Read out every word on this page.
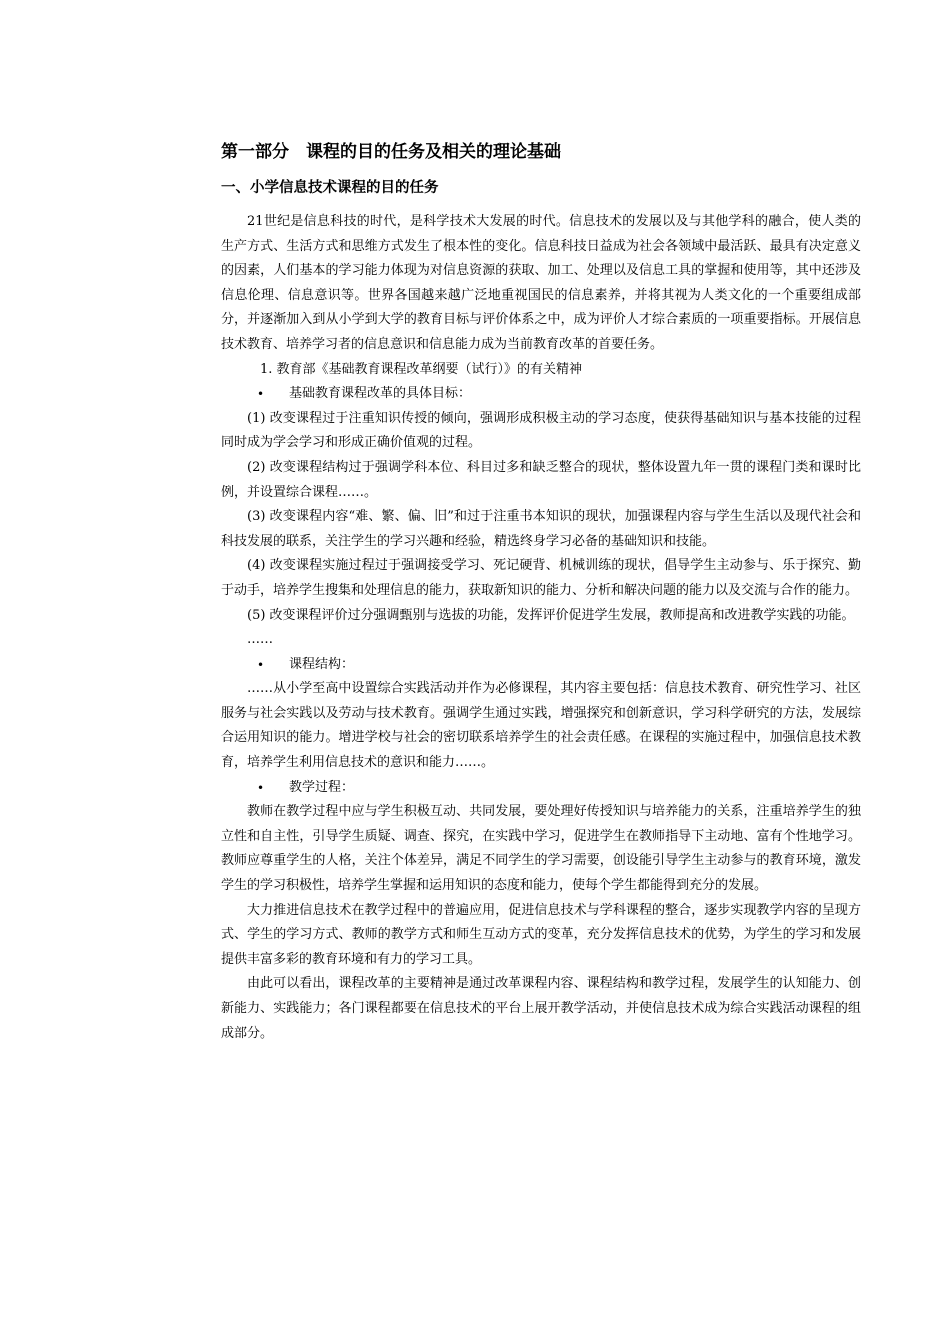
第一部分　课程的目的任务及相关的理论基础
一、小学信息技术课程的目的任务

21世纪是信息科技的时代，是科学技术大发展的时代。信息技术的发展以及与其他学科的融合，使人类的生产方式、生活方式和思维方式发生了根本性的变化。信息科技日益成为社会各领域中最活跃、最具有决定意义的因素，人们基本的学习能力体现为对信息资源的获取、加工、处理以及信息工具的掌握和使用等，其中还涉及信息伦理、信息意识等。世界各国越来越广泛地重视国民的信息素养，并将其视为人类文化的一个重要组成部分，并逐渐加入到从小学到大学的教育目标与评价体系之中，成为评价人才综合素质的一项重要指标。开展信息技术教育、培养学习者的信息意识和信息能力成为当前教育改革的首要任务。

1. 教育部《基础教育课程改革纲要（试行）》的有关精神

• 基础教育课程改革的具体目标：

(1) 改变课程过于注重知识传授的倾向，强调形成积极主动的学习态度，使获得基础知识与基本技能的过程同时成为学会学习和形成正确价值观的过程。

(2) 改变课程结构过于强调学科本位、科目过多和缺乏整合的现状，整体设置九年一贯的课程门类和课时比例，并设置综合课程……。

(3) 改变课程内容“难、繁、偏、旧”和过于注重书本知识的现状，加强课程内容与学生生活以及现代社会和科技发展的联系，关注学生的学习兴趣和经验，精选终身学习必备的基础知识和技能。

(4) 改变课程实施过程过于强调接受学习、死记硬背、机械训练的现状，倡导学生主动参与、乐于探究、勤于动手，培养学生搜集和处理信息的能力，获取新知识的能力、分析和解决问题的能力以及交流与合作的能力。

(5) 改变课程评价过分强调甄别与选拔的功能，发挥评价促进学生发展，教师提高和改进教学实践的功能。

……

• 课程结构：

……从小学至高中设置综合实践活动并作为必修课程，其内容主要包括：信息技术教育、研究性学习、社区服务与社会实践以及劳动与技术教育。强调学生通过实践，增强探究和创新意识，学习科学研究的方法，发展综合运用知识的能力。增进学校与社会的密切联系培养学生的社会责任感。在课程的实施过程中，加强信息技术教育，培养学生利用信息技术的意识和能力……。

• 教学过程：

教师在教学过程中应与学生积极互动、共同发展，要处理好传授知识与培养能力的关系，注重培养学生的独立性和自主性，引导学生质疑、调查、探究，在实践中学习，促进学生在教师指导下主动地、富有个性地学习。教师应尊重学生的人格，关注个体差异，满足不同学生的学习需要，创设能引导学生主动参与的教育环境，激发学生的学习积极性，培养学生掌握和运用知识的态度和能力，使每个学生都能得到充分的发展。

大力推进信息技术在教学过程中的普遍应用，促进信息技术与学科课程的整合，逐步实现教学内容的呈现方式、学生的学习方式、教师的教学方式和师生互动方式的变革，充分发挥信息技术的优势，为学生的学习和发展提供丰富多彩的教育环境和有力的学习工具。

由此可以看出，课程改革的主要精神是通过改革课程内容、课程结构和教学过程，发展学生的认知能力、创新能力、实践能力；各门课程都要在信息技术的平台上展开教学活动，并使信息技术成为综合实践活动课程的组成部分。
